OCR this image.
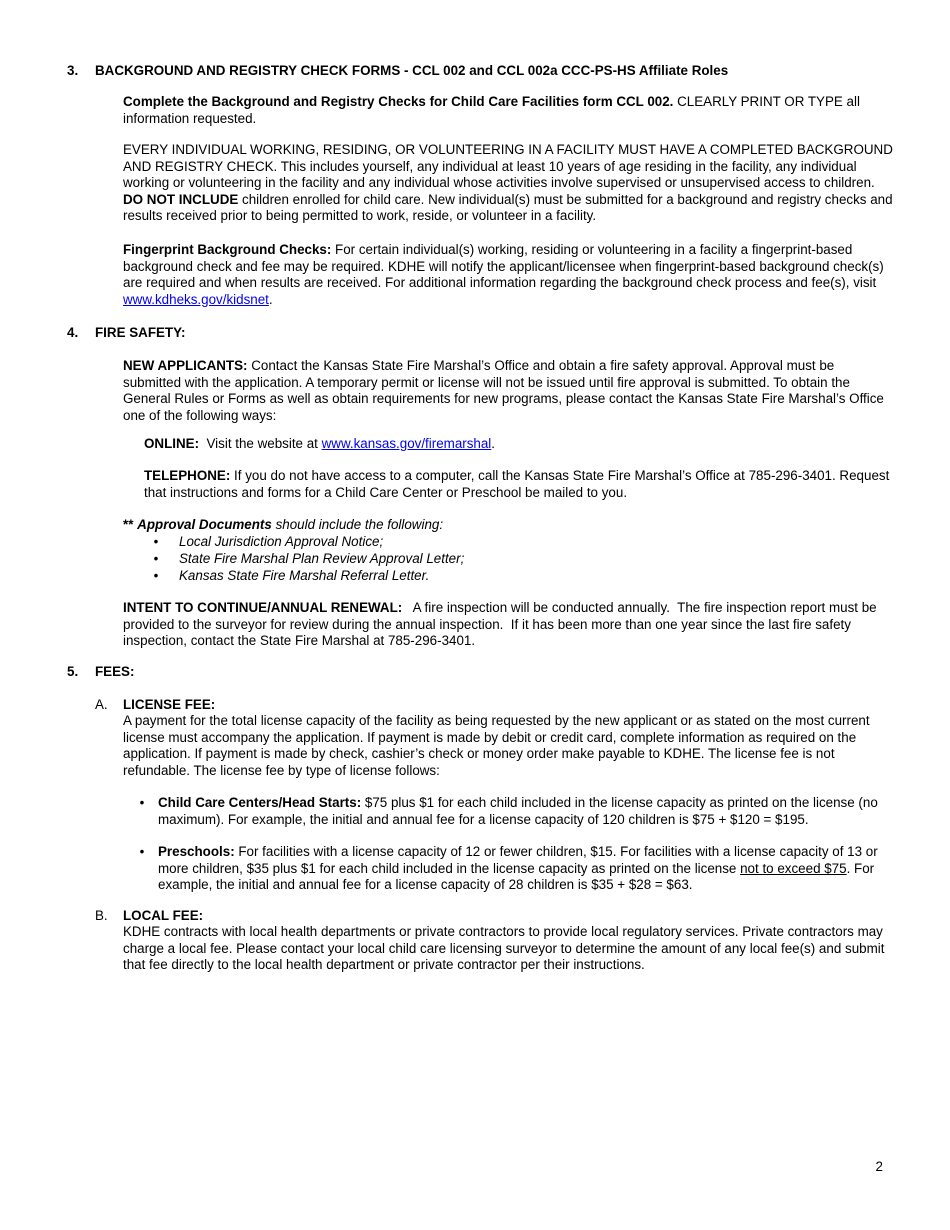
3. BACKGROUND AND REGISTRY CHECK FORMS - CCL 002 and CCL 002a CCC-PS-HS Affiliate Roles

Complete the Background and Registry Checks for Child Care Facilities form CCL 002. CLEARLY PRINT OR TYPE all information requested.

EVERY INDIVIDUAL WORKING, RESIDING, OR VOLUNTEERING IN A FACILITY MUST HAVE A COMPLETED BACKGROUND AND REGISTRY CHECK. This includes yourself, any individual at least 10 years of age residing in the facility, any individual working or volunteering in the facility and any individual whose activities involve supervised or unsupervised access to children. DO NOT INCLUDE children enrolled for child care. New individual(s) must be submitted for a background and registry checks and results received prior to being permitted to work, reside, or volunteer in a facility.

Fingerprint Background Checks: For certain individual(s) working, residing or volunteering in a facility a fingerprint-based background check and fee may be required. KDHE will notify the applicant/licensee when fingerprint-based background check(s) are required and when results are received. For additional information regarding the background check process and fee(s), visit www.kdheks.gov/kidsnet.

4. FIRE SAFETY:

NEW APPLICANTS: Contact the Kansas State Fire Marshal’s Office and obtain a fire safety approval. Approval must be submitted with the application. A temporary permit or license will not be issued until fire approval is submitted. To obtain the General Rules or Forms as well as obtain requirements for new programs, please contact the Kansas State Fire Marshal’s Office one of the following ways:

ONLINE:  Visit the website at www.kansas.gov/firemarshal.

TELEPHONE: If you do not have access to a computer, call the Kansas State Fire Marshal’s Office at 785-296-3401. Request that instructions and forms for a Child Care Center or Preschool be mailed to you.

** Approval Documents should include the following:

• Local Jurisdiction Approval Notice;

• State Fire Marshal Plan Review Approval Letter;

• Kansas State Fire Marshal Referral Letter.

INTENT TO CONTINUE/ANNUAL RENEWAL:   A fire inspection will be conducted annually.  The fire inspection report must be provided to the surveyor for review during the annual inspection.  If it has been more than one year since the last fire safety inspection, contact the State Fire Marshal at 785-296-3401.

5. FEES:
A. LICENSE FEE:

A payment for the total license capacity of the facility as being requested by the new applicant or as stated on the most current license must accompany the application. If payment is made by debit or credit card, complete information as required on the application. If payment is made by check, cashier’s check or money order make payable to KDHE. The license fee is not refundable. The license fee by type of license follows:

• Child Care Centers/Head Starts: $75 plus $1 for each child included in the license capacity as printed on the license (no maximum). For example, the initial and annual fee for a license capacity of 120 children is $75 + $120 = $195.

• Preschools: For facilities with a license capacity of 12 or fewer children, $15. For facilities with a license capacity of 13 or more children, $35 plus $1 for each child included in the license capacity as printed on the license not to exceed $75. For example, the initial and annual fee for a license capacity of 28 children is $35 + $28 = $63.

B. LOCAL FEE:

KDHE contracts with local health departments or private contractors to provide local regulatory services. Private contractors may charge a local fee. Please contact your local child care licensing surveyor to determine the amount of any local fee(s) and submit that fee directly to the local health department or private contractor per their instructions.

2
